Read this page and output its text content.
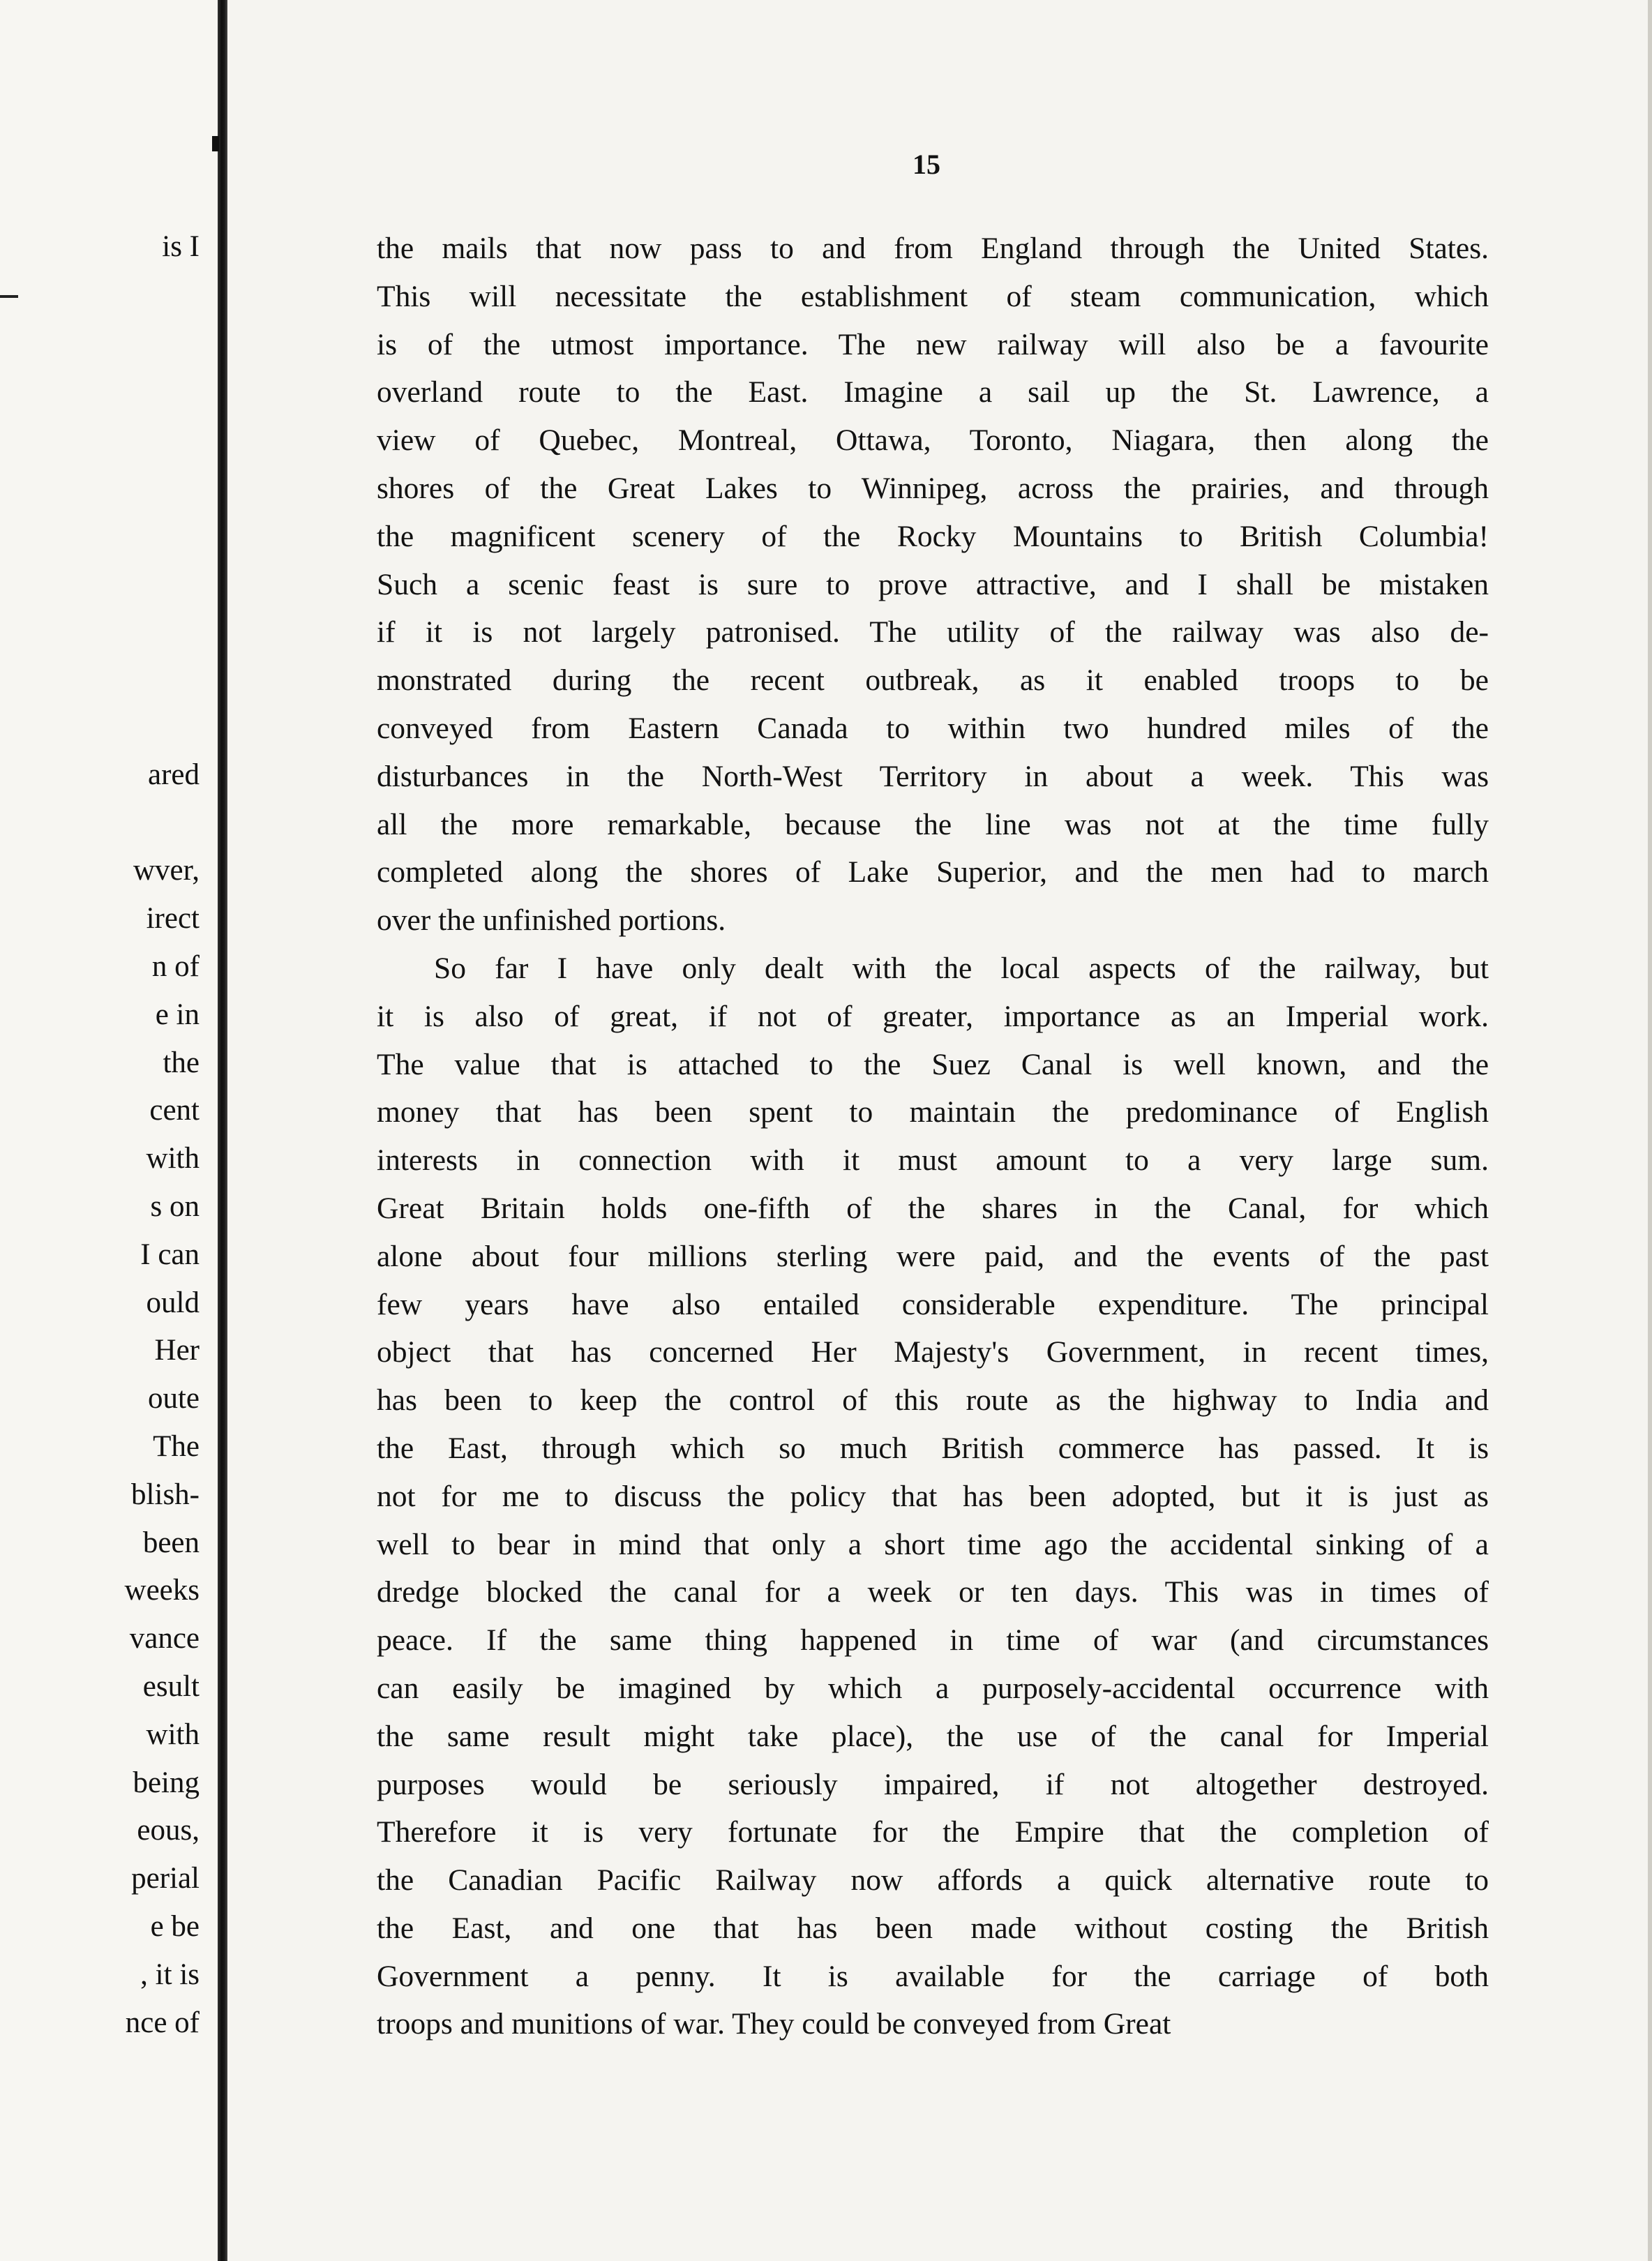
is I
ared
wver,
irect
n of
e in
the
cent
with
s on
I can
ould
Her
oute
The
blish-
been
weeks
vance
esult
with
being
eous,
perial
e be
, it is
nce of
15
the mails that now pass to and from England through the United States.
This will necessitate the establishment of steam communication, which
is of the utmost importance. The new railway will also be a favourite
overland route to the East. Imagine a sail up the St. Lawrence, a
view of Quebec, Montreal, Ottawa, Toronto, Niagara, then along the
shores of the Great Lakes to Winnipeg, across the prairies, and through
the magnificent scenery of the Rocky Mountains to British Columbia!
Such a scenic feast is sure to prove attractive, and I shall be mistaken
if it is not largely patronised. The utility of the railway was also de-
monstrated during the recent outbreak, as it enabled troops to be
conveyed from Eastern Canada to within two hundred miles of the
disturbances in the North-West Territory in about a week. This was
all the more remarkable, because the line was not at the time fully
completed along the shores of Lake Superior, and the men had to march
over the unfinished portions.
So far I have only dealt with the local aspects of the railway, but
it is also of great, if not of greater, importance as an Imperial work.
The value that is attached to the Suez Canal is well known, and the
money that has been spent to maintain the predominance of English
interests in connection with it must amount to a very large sum.
Great Britain holds one-fifth of the shares in the Canal, for which
alone about four millions sterling were paid, and the events of the past
few years have also entailed considerable expenditure. The principal
object that has concerned Her Majesty's Government, in recent times,
has been to keep the control of this route as the highway to India and
the East, through which so much British commerce has passed. It is
not for me to discuss the policy that has been adopted, but it is just as
well to bear in mind that only a short time ago the accidental sinking of a
dredge blocked the canal for a week or ten days. This was in times of
peace. If the same thing happened in time of war (and circumstances
can easily be imagined by which a purposely-accidental occurrence with
the same result might take place), the use of the canal for Imperial
purposes would be seriously impaired, if not altogether destroyed.
Therefore it is very fortunate for the Empire that the completion of
the Canadian Pacific Railway now affords a quick alternative route to
the East, and one that has been made without costing the British
Government a penny. It is available for the carriage of both
troops and munitions of war. They could be conveyed from Great
